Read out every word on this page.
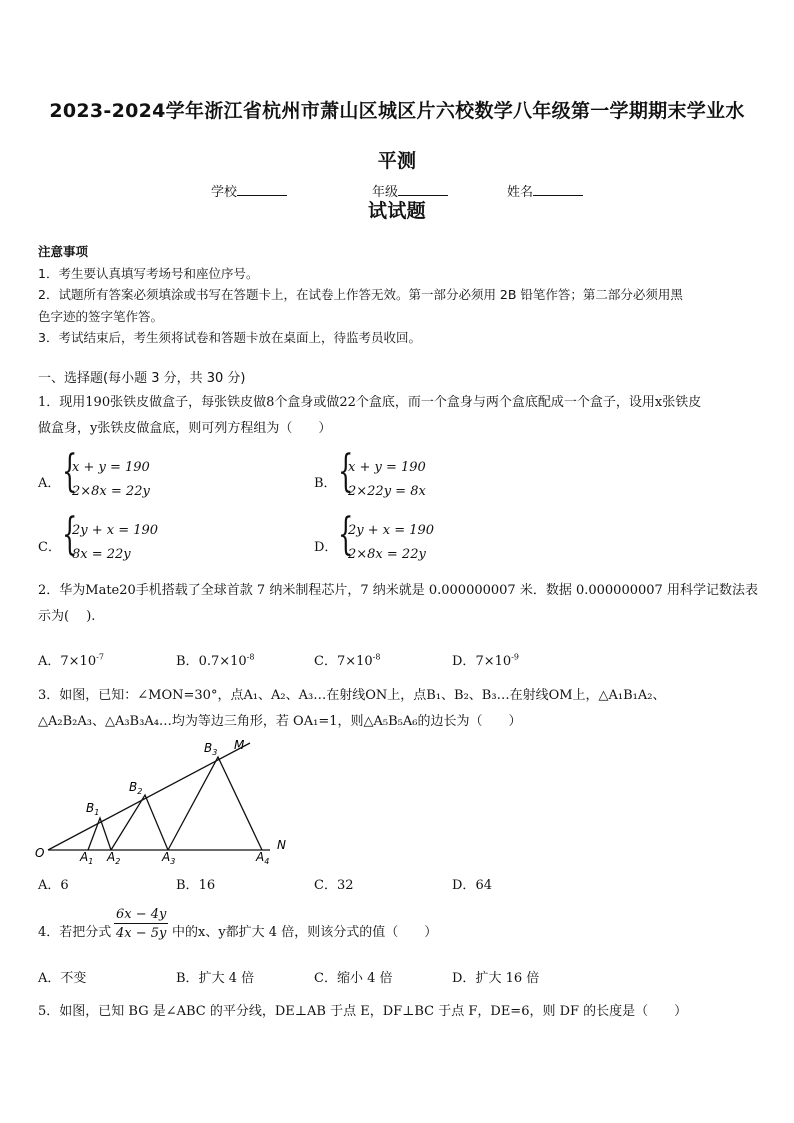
2023-2024学年浙江省杭州市萧山区城区片六校数学八年级第一学期期末学业水平测
试试题
学校	年级	姓名
注意事项
1．考生要认真填写考场号和座位序号。
2．试题所有答案必须填涂或书写在答题卡上，在试卷上作答无效。第一部分必须用 2B 铅笔作答；第二部分必须用黑
色字迹的签字笔作答。
3．考试结束后，考生须将试卷和答题卡放在桌面上，待监考员收回。
一、选择题(每小题 3 分，共 30 分)
1．现用190张铁皮做盒子，每张铁皮做8个盒身或做22个盒底，而一个盒身与两个盒底配成一个盒子，设用x张铁皮
做盒身，y张铁皮做盒底，则可列方程组为（　　）
A． {
x + y = 190
2×8x = 22y
B． {
x + y = 190
2×22y = 8x
C． {
2y + x = 190
8x = 22y	D． {
2y + x = 190
2×8x = 22y
2．华为Mate20手机搭载了全球首款 7 纳米制程芯片，7 纳米就是 0.000000007 米．数据 0.000000007 用科学记数法表
示为(　 ).
A．$7\times 10^{-7}$	B．$0.7\times 10^{-8}$	C．$7\times 10^{-8}$	D．$7\times 10^{-9}$
3．如图，已知：∠MON=30°，点A₁、A₂、A₃…在射线ON上，点B₁、B₂、B₃…在射线OM上，△A₁B₁A₂、
△A₂B₂A₃、△A₃B₃A₄…均为等边三角形，若 OA₁=1，则△A₅B₅A₆的边长为（　　）
O
N
M
$A_1$ $A_2$	$A_3$	$A_4$
$B_1$
$B_2$
$B_3$
A．6	B．16	C．32	D．64
4．若把分式 $\frac{6x - 4y}{4x - 5y}$ 中的x、y都扩大 4 倍，则该分式的值（　　）
A．不变	B．扩大 4 倍	C．缩小 4 倍	D．扩大 16 倍
5．如图，已知 BG 是∠ABC 的平分线，DE⊥AB 于点 E，DF⊥BC 于点 F，DE=6，则 DF 的长度是（　　）
